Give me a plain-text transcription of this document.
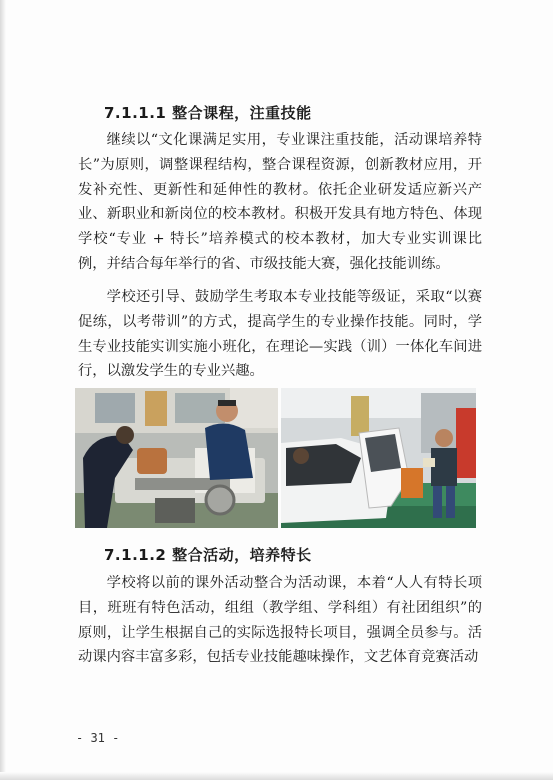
7.1.1.1 整合课程，注重技能

继续以“文化课满足实用，专业课注重技能，活动课培养特长”为原则，调整课程结构，整合课程资源，创新教材应用，开发补充性、更新性和延伸性的教材。依托企业研发适应新兴产业、新职业和新岗位的校本教材。积极开发具有地方特色、体现学校“专业 + 特长”培养模式的校本教材，加大专业实训课比例，并结合每年举行的省、市级技能大赛，强化技能训练。

学校还引导、鼓励学生考取本专业技能等级证，采取“以赛促练，以考带训”的方式，提高学生的专业操作技能。同时，学生专业技能实训实施小班化，在理论—实践（训）一体化车间进行，以激发学生的专业兴趣。

7.1.1.2 整合活动，培养特长

学校将以前的课外活动整合为活动课，本着“人人有特长项目，班班有特色活动，组组（教学组、学科组）有社团组织”的原则，让学生根据自己的实际选报特长项目，强调全员参与。活动课内容丰富多彩，包括专业技能趣味操作，文艺体育竞赛活动

- 31 -
